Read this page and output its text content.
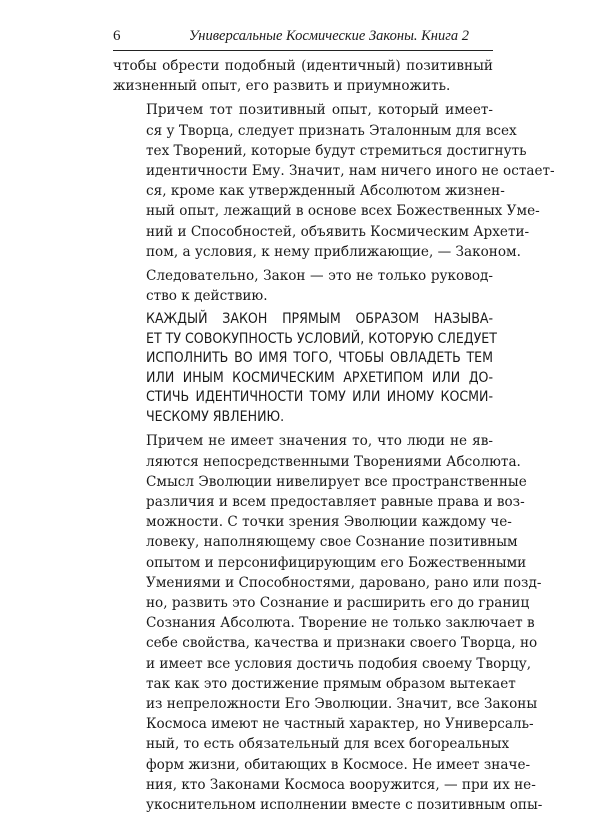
6	Универсальные Космические Законы. Книга 2

чтобы обрести подобный (идентичный) позитивный
жизненный опыт, его развить и приумножить.

Причем тот позитивный опыт, который имеет-
ся у Творца, следует признать Эталонным для всех
тех Творений, которые будут стремиться достигнуть
идентичности Ему. Значит, нам ничего иного не остает-
ся, кроме как утвержденный Абсолютом жизнен-
ный опыт, лежащий в основе всех Божественных Уме-
ний и Способностей, объявить Космическим Архети-
пом, а условия, к нему приближающие, — Законом.

Следовательно, Закон — это не только руковод-
ство к действию.

КАЖДЫЙ ЗАКОН ПРЯМЫМ ОБРАЗОМ НАЗЫВА-
ЕТ ТУ СОВОКУПНОСТЬ УСЛОВИЙ, КОТОРУЮ СЛЕДУЕТ
ИСПОЛНИТЬ ВО ИМЯ ТОГО, ЧТОБЫ ОВЛАДЕТЬ ТЕМ
ИЛИ ИНЫМ КОСМИЧЕСКИМ АРХЕТИПОМ ИЛИ ДО-
СТИЧЬ ИДЕНТИЧНОСТИ ТОМУ ИЛИ ИНОМУ КОСМИ-
ЧЕСКОМУ ЯВЛЕНИЮ.

Причем не имеет значения то, что люди не яв-
ляются непосредственными Творениями Абсолюта.
Смысл Эволюции нивелирует все пространственные
различия и всем предоставляет равные права и воз-
можности. С точки зрения Эволюции каждому че-
ловеку, наполняющему свое Сознание позитивным
опытом и персонифицирующим его Божественными
Умениями и Способностями, даровано, рано или позд-
но, развить это Сознание и расширить его до границ
Сознания Абсолюта. Творение не только заключает в
себе свойства, качества и признаки своего Творца, но
и имеет все условия достичь подобия своему Творцу,
так как это достижение прямым образом вытекает
из непреложности Его Эволюции. Значит, все Законы
Космоса имеют не частный характер, но Универсаль-
ный, то есть обязательный для всех богореальных
форм жизни, обитающих в Космосе. Не имеет значе-
ния, кто Законами Космоса вооружится, — при их не-
укоснительном исполнении вместе с позитивным опы-
